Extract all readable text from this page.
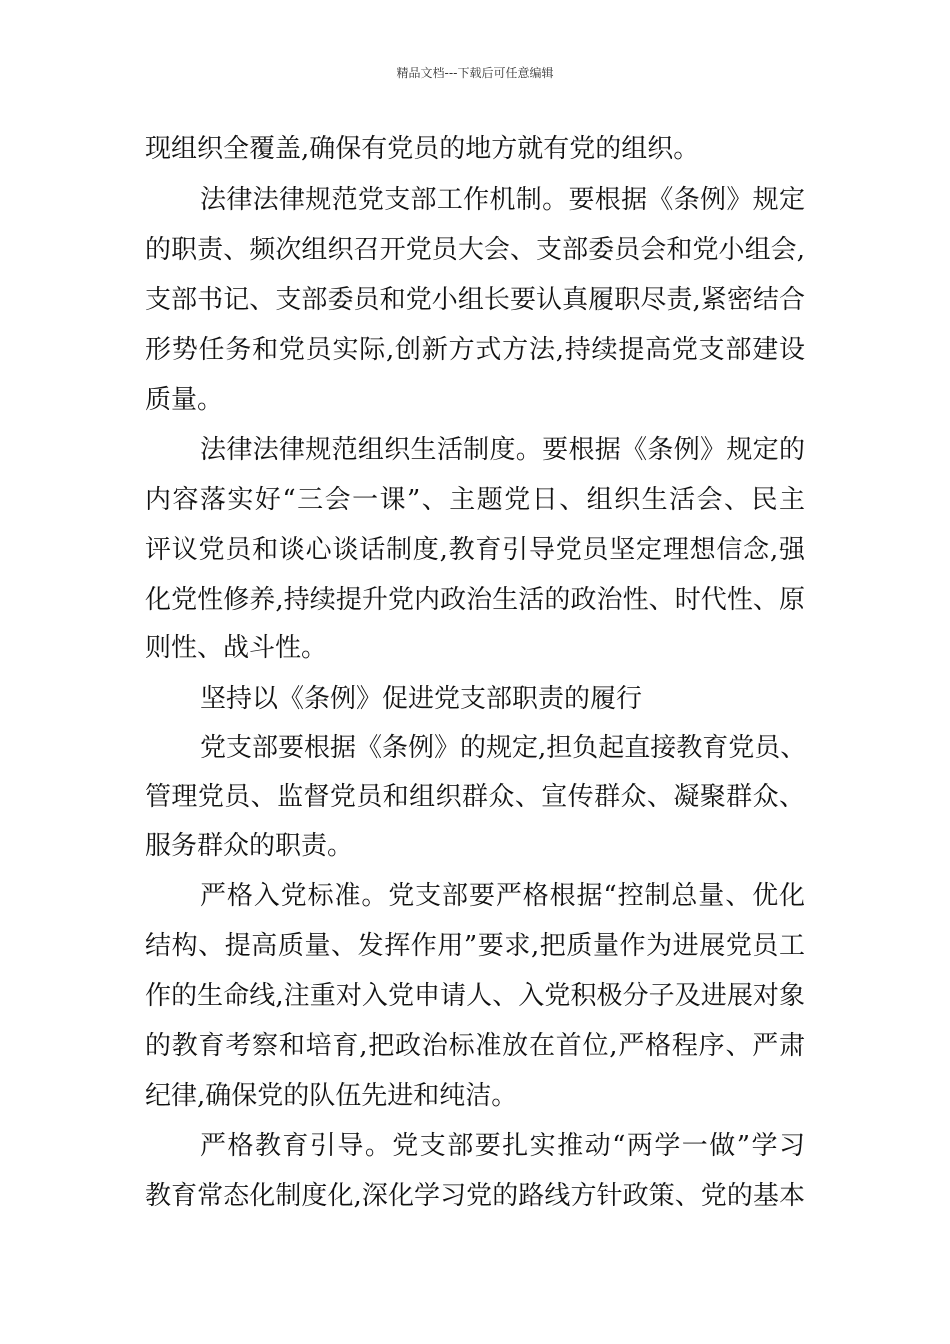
精品文档---下载后可任意编辑
现组织全覆盖,确保有党员的地方就有党的组织。
法律法律规范党支部工作机制。要根据《条例》规定
的职责、频次组织召开党员大会、支部委员会和党小组会,
支部书记、支部委员和党小组长要认真履职尽责,紧密结合
形势任务和党员实际,创新方式方法,持续提高党支部建设
质量。
法律法律规范组织生活制度。要根据《条例》规定的
内容落实好“三会一课”、主题党日、组织生活会、民主
评议党员和谈心谈话制度,教育引导党员坚定理想信念,强
化党性修养,持续提升党内政治生活的政治性、时代性、原
则性、战斗性。
坚持以《条例》促进党支部职责的履行
党支部要根据《条例》的规定,担负起直接教育党员、
管理党员、监督党员和组织群众、宣传群众、凝聚群众、
服务群众的职责。
严格入党标准。党支部要严格根据“控制总量、优化
结构、提高质量、发挥作用”要求,把质量作为进展党员工
作的生命线,注重对入党申请人、入党积极分子及进展对象
的教育考察和培育,把政治标准放在首位,严格程序、严肃
纪律,确保党的队伍先进和纯洁。
严格教育引导。党支部要扎实推动“两学一做”学习
教育常态化制度化,深化学习党的路线方针政策、党的基本
